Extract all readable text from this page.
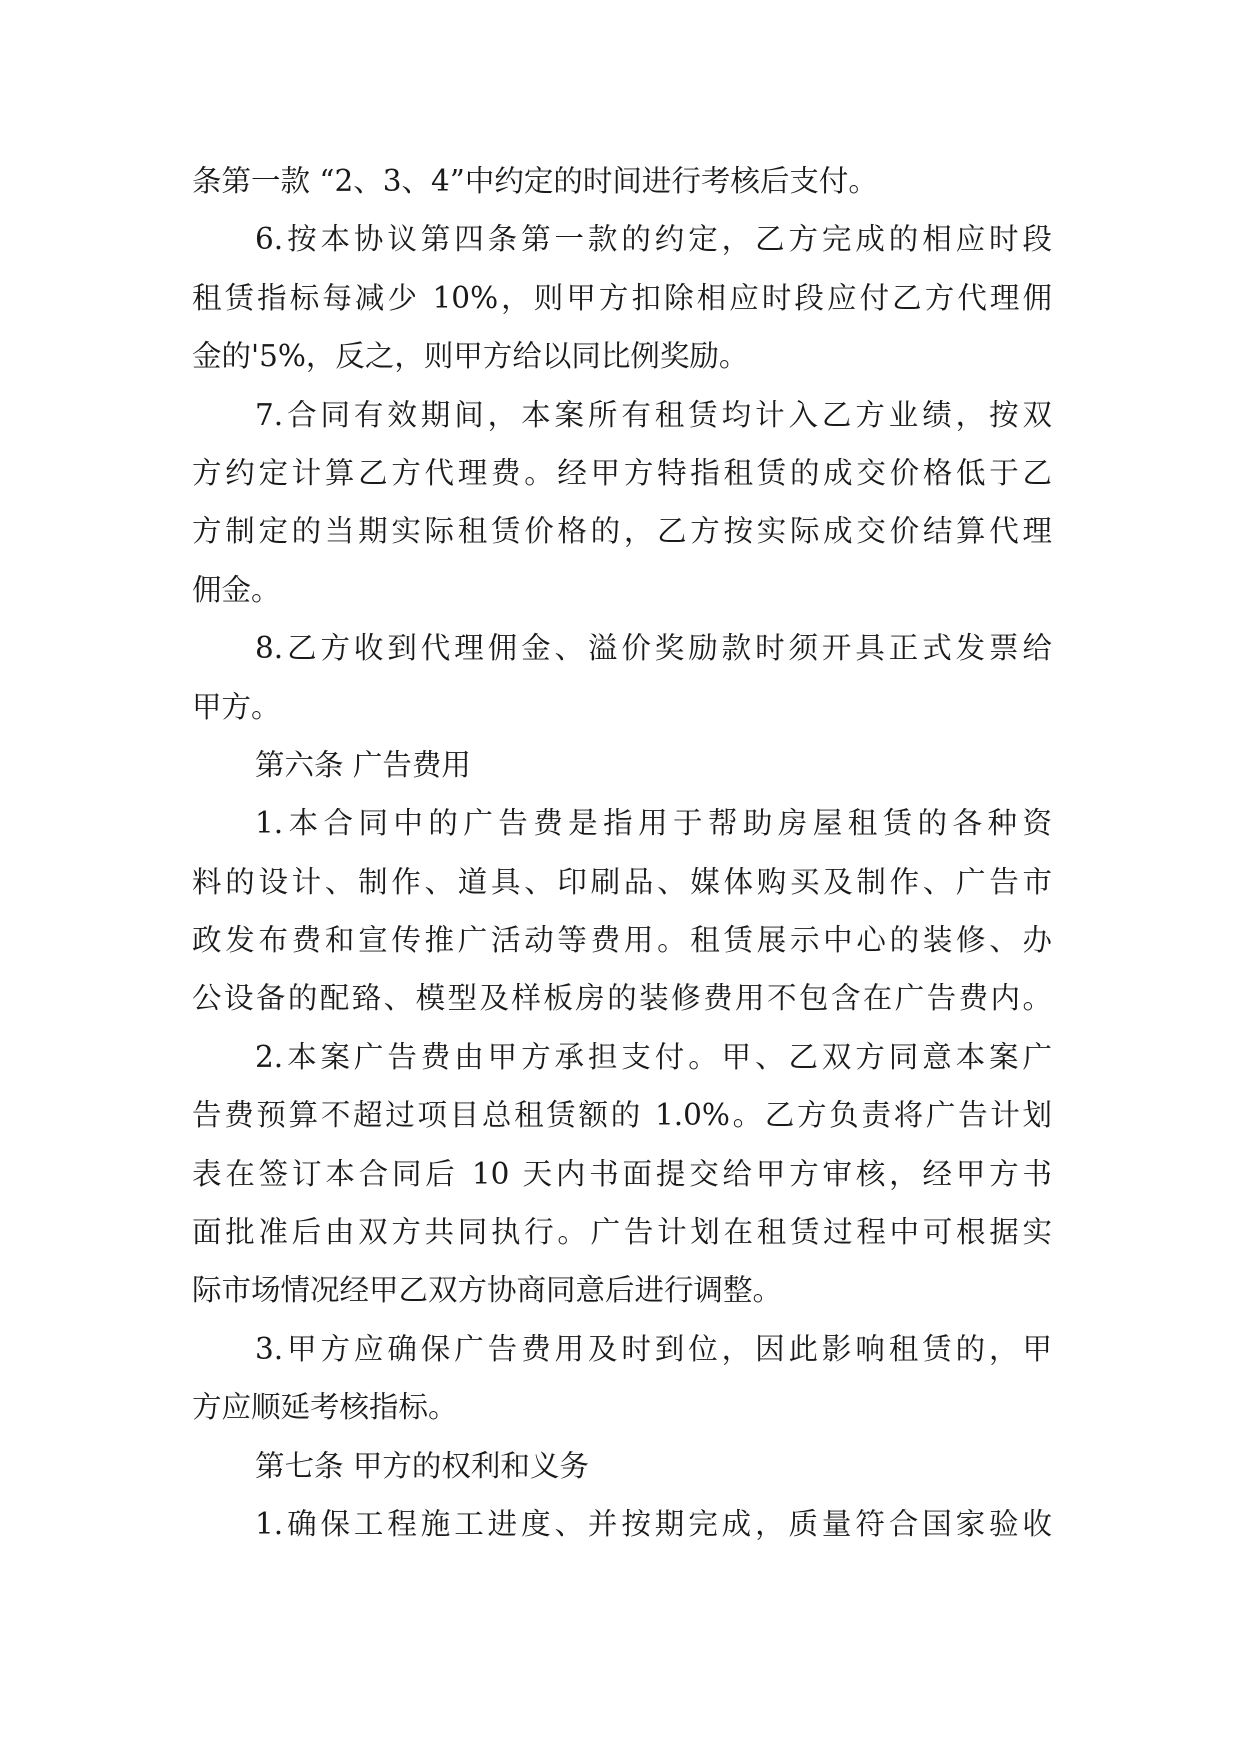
条第一款 “2、3、4”中约定的时间进行考核后支付。
6.按本协议第四条第一款的约定，乙方完成的相应时段
租赁指标每减少 10%，则甲方扣除相应时段应付乙方代理佣
金的'5%，反之，则甲方给以同比例奖励。
7.合同有效期间，本案所有租赁均计入乙方业绩，按双
方约定计算乙方代理费。经甲方特指租赁的成交价格低于乙
方制定的当期实际租赁价格的，乙方按实际成交价结算代理
佣金。
8.乙方收到代理佣金、溢价奖励款时须开具正式发票给
甲方。
第六条 广告费用
1.本合同中的广告费是指用于帮助房屋租赁的各种资
料的设计、制作、道具、印刷品、媒体购买及制作、广告市
政发布费和宣传推广活动等费用。租赁展示中心的装修、办
公设备的配臵、模型及样板房的装修费用不包含在广告费内。
2.本案广告费由甲方承担支付。甲、乙双方同意本案广
告费预算不超过项目总租赁额的 1.0%。乙方负责将广告计划
表在签订本合同后 10 天内书面提交给甲方审核，经甲方书
面批准后由双方共同执行。广告计划在租赁过程中可根据实
际市场情况经甲乙双方协商同意后进行调整。
3.甲方应确保广告费用及时到位，因此影响租赁的，甲
方应顺延考核指标。
第七条 甲方的权利和义务
1.确保工程施工进度、并按期完成，质量符合国家验收
